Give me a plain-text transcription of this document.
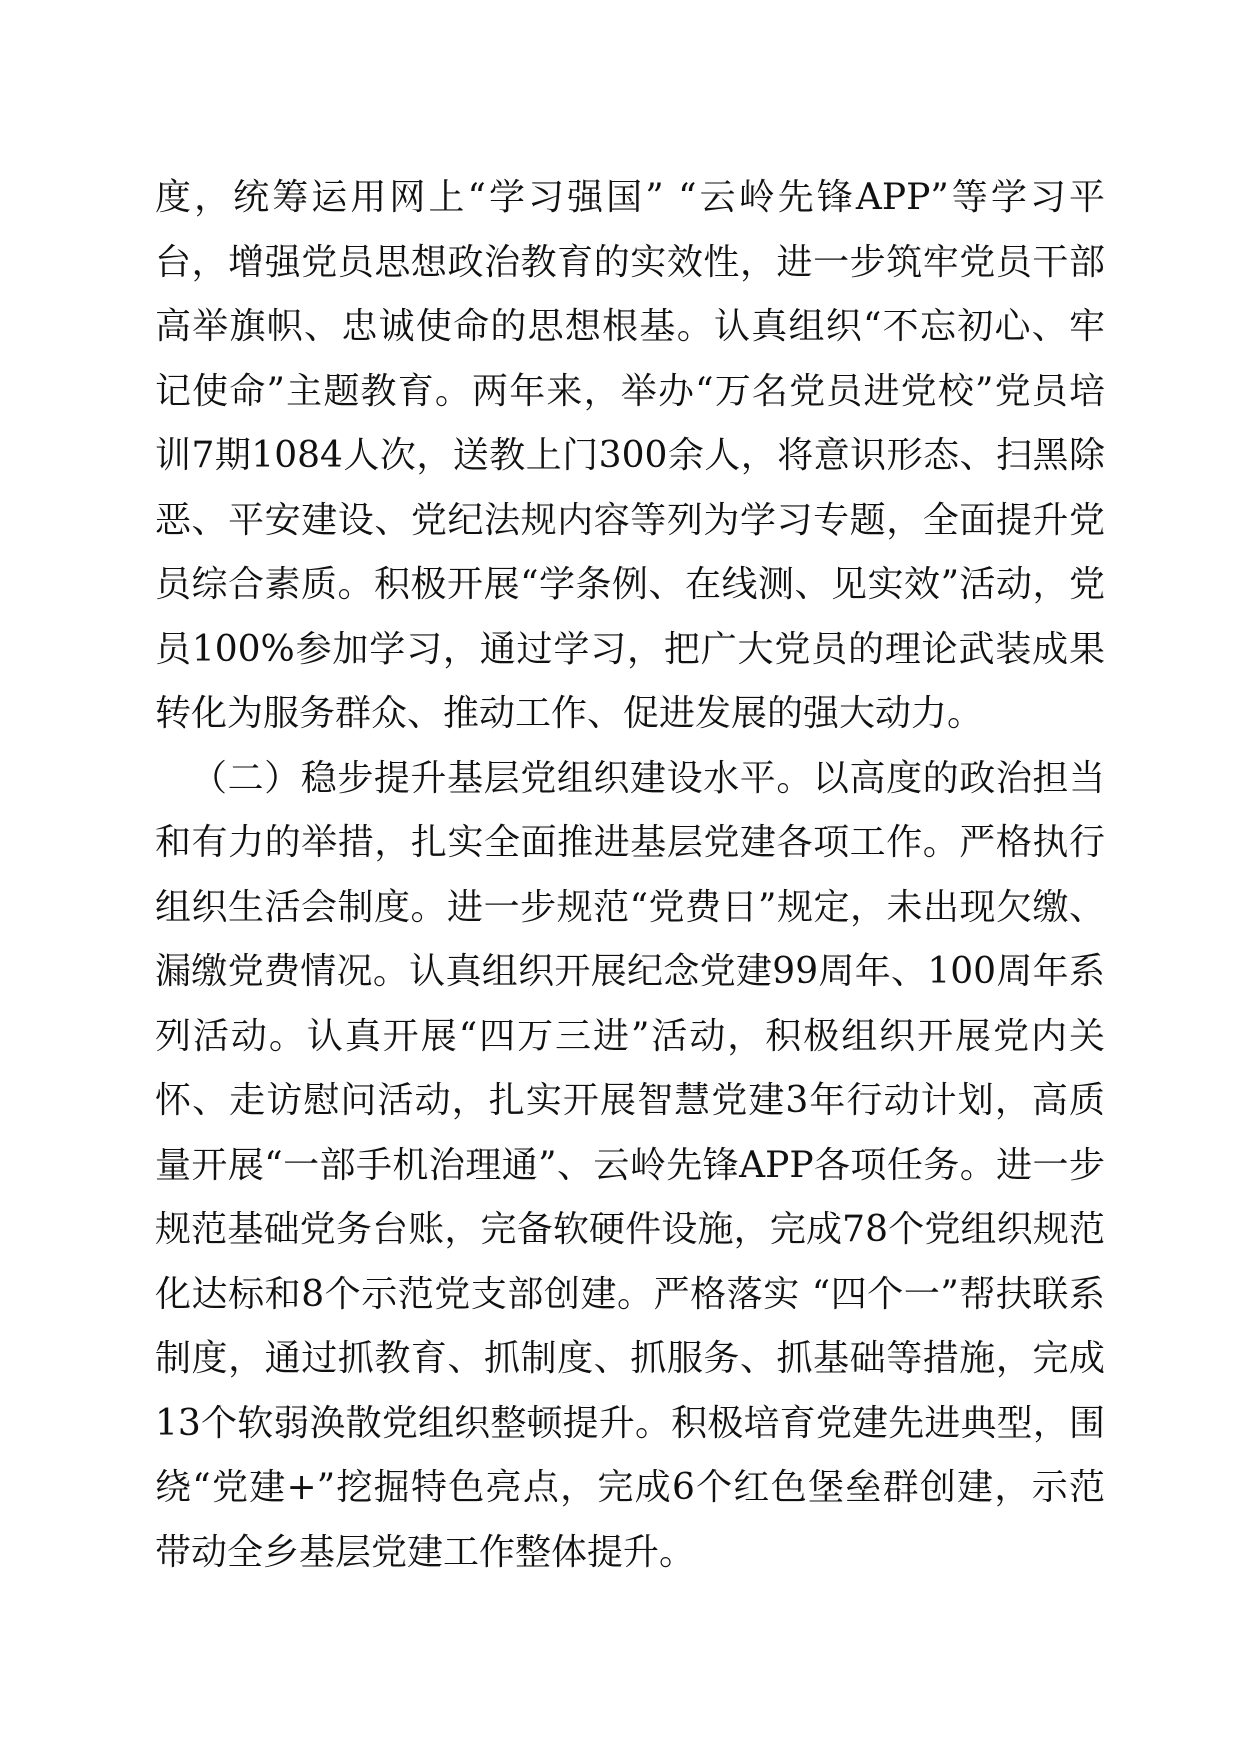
度，统筹运用网上“学习强国” “云岭先锋APP”等学习平台，增强党员思想政治教育的实效性，进一步筑牢党员干部高举旗帜、忠诚使命的思想根基。认真组织“不忘初心、牢记使命”主题教育。两年来，举办“万名党员进党校”党员培训7期1084人次，送教上门300余人，将意识形态、扫黑除恶、平安建设、党纪法规内容等列为学习专题，全面提升党员综合素质。积极开展“学条例、在线测、见实效”活动，党员100%参加学习，通过学习，把广大党员的理论武装成果转化为服务群众、推动工作、促进发展的强大动力。

（二）稳步提升基层党组织建设水平。以高度的政治担当和有力的举措，扎实全面推进基层党建各项工作。严格执行组织生活会制度。进一步规范“党费日”规定，未出现欠缴、漏缴党费情况。认真组织开展纪念党建99周年、100周年系列活动。认真开展“四万三进”活动，积极组织开展党内关怀、走访慰问活动，扎实开展智慧党建3年行动计划，高质量开展“一部手机治理通”、云岭先锋APP各项任务。进一步规范基础党务台账，完备软硬件设施，完成78个党组织规范化达标和8个示范党支部创建。严格落实 “四个一”帮扶联系制度，通过抓教育、抓制度、抓服务、抓基础等措施，完成13个软弱涣散党组织整顿提升。积极培育党建先进典型，围绕“党建+”挖掘特色亮点，完成6个红色堡垒群创建，示范带动全乡基层党建工作整体提升。
